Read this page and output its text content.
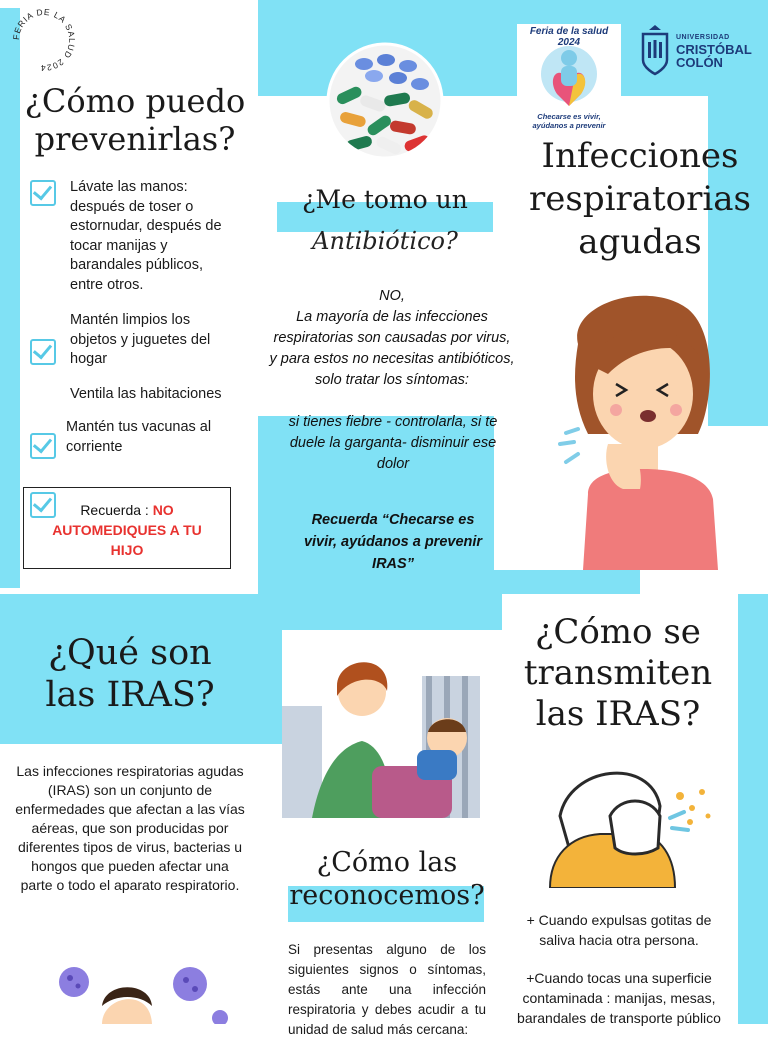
FERIA DE LA SALUD 2024
¿Cómo puedo prevenirlas?
Lávate las manos: después de toser o estornudar, después de tocar manijas y barandales públicos, entre otros.
Mantén limpios los objetos y juguetes del hogar
Ventila las habitaciones
Mantén tus vacunas al corriente
Recuerda : NO AUTOMEDIQUES A TU HIJO
¿Me tomo un
Antibiótico?
NO,
La mayoría de las infecciones respiratorias son causadas por virus, y para estos no necesitas antibióticos, solo tratar los síntomas:
si tienes fiebre - controlarla, si te duele la garganta- disminuir ese dolor
Recuerda “Checarse es vivir, ayúdanos a prevenir IRAS”
Feria de la salud 2024
Checarse es vivir, ayúdanos a prevenir
UNIVERSIDAD
CRISTÓBAL
COLÓN
Infecciones respiratorias agudas
¿Qué son las IRAS?
Las infecciones respiratorias agudas (IRAS) son un conjunto de enfermedades que afectan a las vías aéreas, que son producidas por diferentes tipos de virus, bacterias u hongos que pueden afectar una parte o todo el aparato respiratorio.
¿Cómo las reconocemos?
Si presentas alguno de los siguientes signos o síntomas, estás ante una infección respiratoria y debes acudir a tu unidad de salud más cercana:
¿Cómo se transmiten las IRAS?
+ Cuando expulsas gotitas de saliva hacia otra persona.
+Cuando tocas una superficie contaminada : manijas, mesas, barandales de transporte público
